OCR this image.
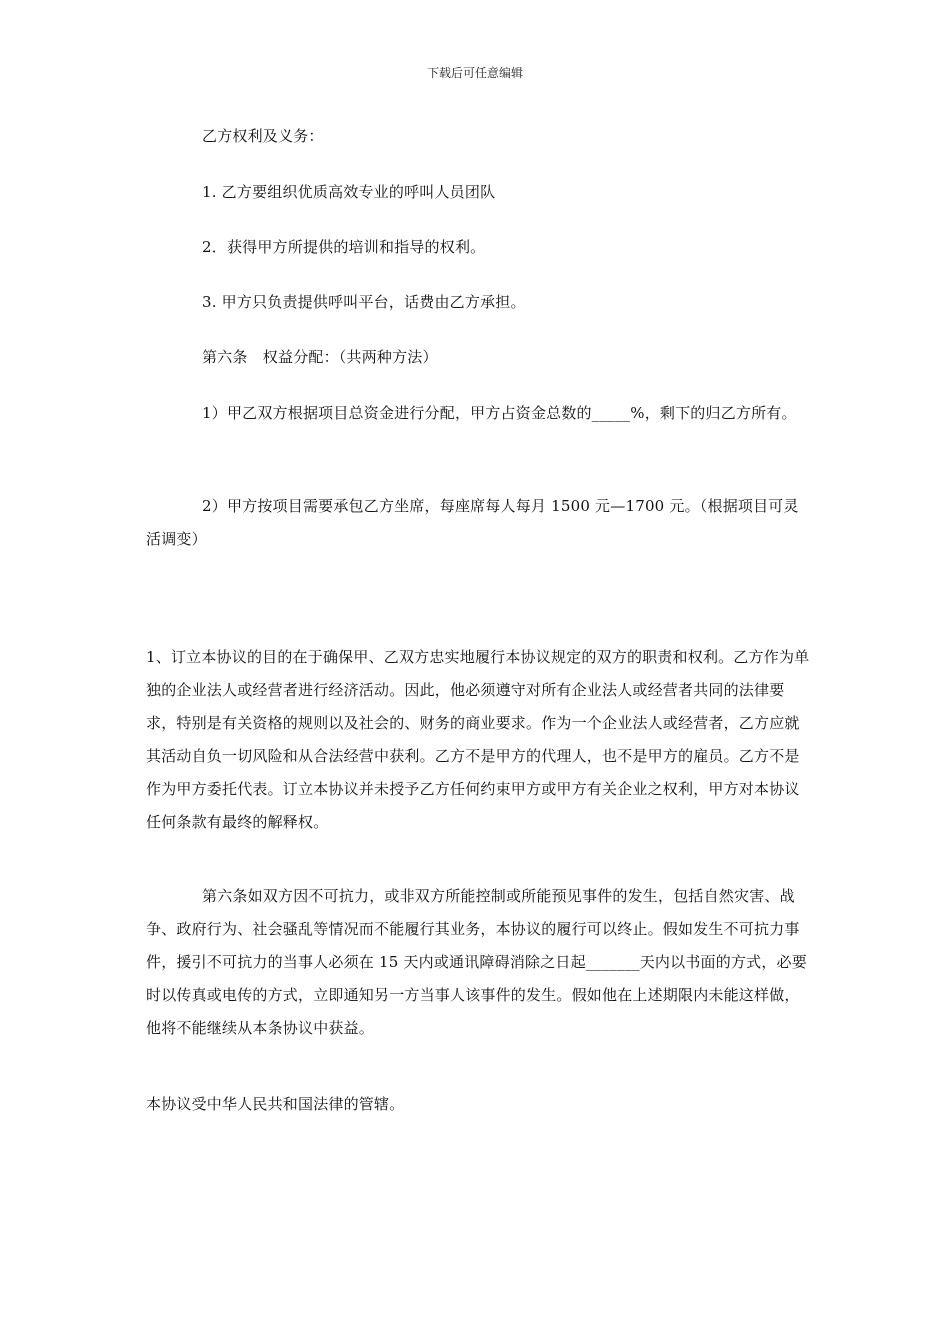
下载后可任意编辑

乙方权利及义务：

1. 乙方要组织优质高效专业的呼叫人员团队

2．获得甲方所提供的培训和指导的权利。

3. 甲方只负责提供呼叫平台，话费由乙方承担。

第六条　权益分配：（共两种方法）

1）甲乙双方根据项目总资金进行分配，甲方占资金总数的_____%，剩下的归乙方所有。

2）甲方按项目需要承包乙方坐席，每座席每人每月 1500 元—1700 元。（根据项目可灵活调变）

1、订立本协议的目的在于确保甲、乙双方忠实地履行本协议规定的双方的职责和权利。乙方作为单独的企业法人或经营者进行经济活动。因此，他必须遵守对所有企业法人或经营者共同的法律要求，特别是有关资格的规则以及社会的、财务的商业要求。作为一个企业法人或经营者，乙方应就其活动自负一切风险和从合法经营中获利。乙方不是甲方的代理人，也不是甲方的雇员。乙方不是作为甲方委托代表。订立本协议并未授予乙方任何约束甲方或甲方有关企业之权利，甲方对本协议任何条款有最终的解释权。

第六条如双方因不可抗力，或非双方所能控制或所能预见事件的发生，包括自然灾害、战争、政府行为、社会骚乱等情况而不能履行其业务，本协议的履行可以终止。假如发生不可抗力事件，援引不可抗力的当事人必须在 15 天内或通讯障碍消除之日起_______天内以书面的方式，必要时以传真或电传的方式，立即通知另一方当事人该事件的发生。假如他在上述期限内未能这样做，他将不能继续从本条协议中获益。

本协议受中华人民共和国法律的管辖。
